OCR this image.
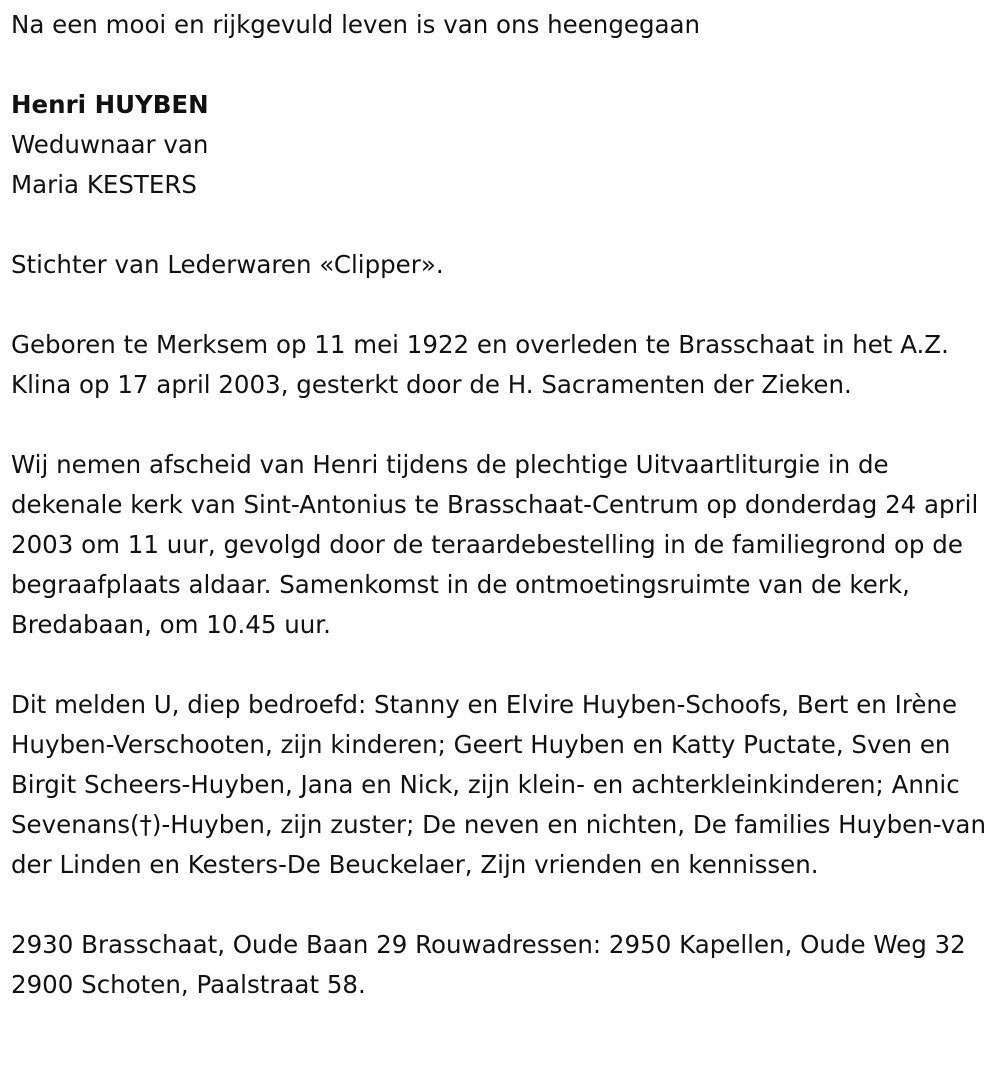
Na een mooi en rijkgevuld leven is van ons heengegaan

Henri HUYBEN

Weduwnaar van

Maria KESTERS

Stichter van Lederwaren «Clipper».

Geboren te Merksem op 11 mei 1922 en overleden te Brasschaat in het A.Z. Klina op 17 april 2003, gesterkt door de H. Sacramenten der Zieken.

Wij nemen afscheid van Henri tijdens de plechtige Uitvaartliturgie in de dekenale kerk van Sint-Antonius te Brasschaat-Centrum op donderdag 24 april 2003 om 11 uur, gevolgd door de teraardebestelling in de familiegrond op de begraafplaats aldaar. Samenkomst in de ontmoetingsruimte van de kerk, Bredabaan, om 10.45 uur.

Dit melden U, diep bedroefd: Stanny en Elvire Huyben-Schoofs, Bert en Irène Huyben-Verschooten, zijn kinderen; Geert Huyben en Katty Puctate, Sven en Birgit Scheers-Huyben, Jana en Nick, zijn klein- en achterkleinkinderen; Annic Sevenans(†)-Huyben, zijn zuster; De neven en nichten, De families Huyben-van der Linden en Kesters-De Beuckelaer, Zijn vrienden en kennissen.

2930 Brasschaat, Oude Baan 29 Rouwadressen: 2950 Kapellen, Oude Weg 32 2900 Schoten, Paalstraat 58.
